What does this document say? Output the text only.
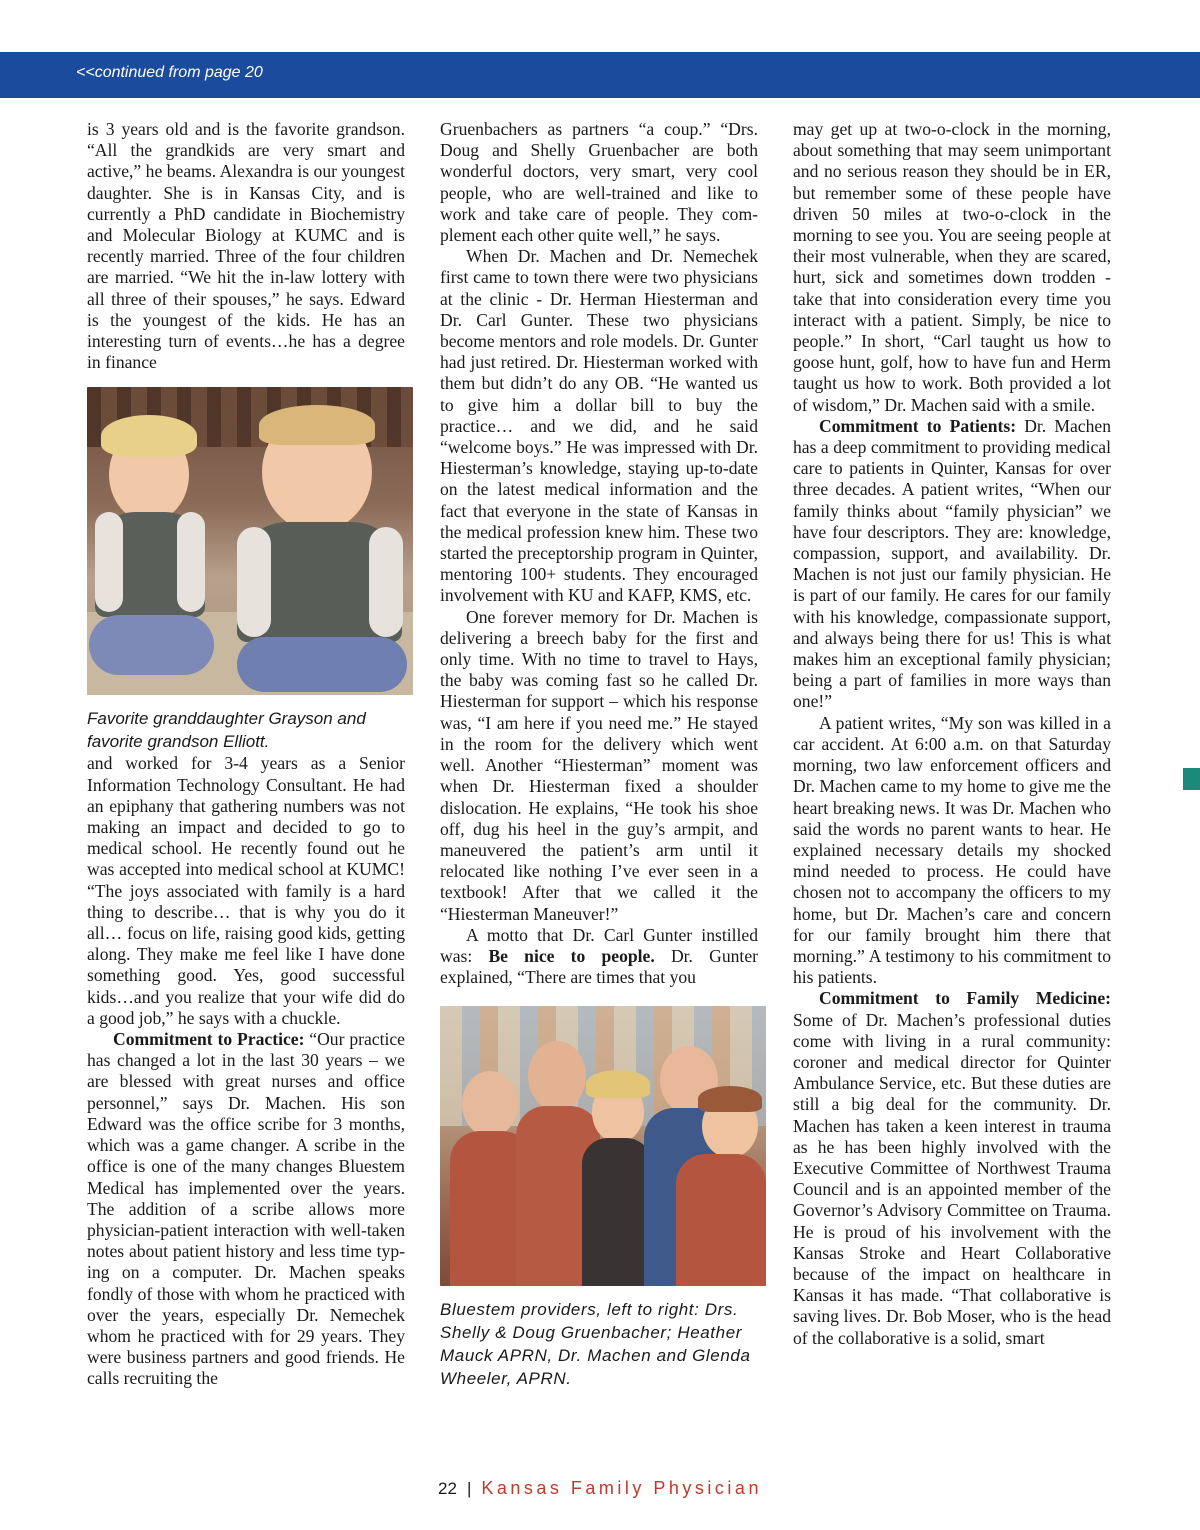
<<continued from page 20

is 3 years old and is the favorite grandson. “All the grandkids are very smart and active,” he beams. Alexandra is our youngest daughter. She is in Kansas City, and is currently a PhD candidate in Biochemistry and Molecular Biology at KUMC and is recently married. Three of the four children are married. “We hit the in-law lottery with all three of their spouses,” he says. Edward is the youngest of the kids. He has an interesting turn of events…he has a degree in finance

Favorite granddaughter Grayson and favorite grandson Elliott.

and worked for 3-4 years as a Senior Information Technology Consultant. He had an epiphany that gathering numbers was not making an impact and decided to go to medical school. He recently found out he was accepted into medical school at KUMC! “The joys associated with family is a hard thing to describe… that is why you do it all… focus on life, raising good kids, getting along. They make me feel like I have done something good. Yes, good successful kids…and you realize that your wife did do a good job,” he says with a chuckle.

Commitment to Practice: “Our practice has changed a lot in the last 30 years – we are blessed with great nurses and office personnel,” says Dr. Machen. His son Edward was the office scribe for 3 months, which was a game changer. A scribe in the office is one of the many changes Bluestem Medical has implemented over the years. The addition of a scribe allows more physician-patient interaction with well-taken notes about patient history and less time typing on a computer. Dr. Machen speaks fondly of those with whom he practiced with over the years, especially Dr. Nemechek whom he practiced with for 29 years. They were business partners and good friends. He calls recruiting the

Gruenbachers as partners “a coup.” “Drs. Doug and Shelly Gruenbacher are both wonderful doctors, very smart, very cool people, who are well-trained and like to work and take care of people. They complement each other quite well,” he says.

When Dr. Machen and Dr. Nemechek first came to town there were two physicians at the clinic - Dr. Herman Hiesterman and Dr. Carl Gunter. These two physicians become mentors and role models. Dr. Gunter had just retired. Dr. Hiesterman worked with them but didn’t do any OB. “He wanted us to give him a dollar bill to buy the practice… and we did, and he said “welcome boys.” He was impressed with Dr. Hiesterman’s knowledge, staying up-to-date on the latest medical information and the fact that everyone in the state of Kansas in the medical profession knew him. These two started the preceptorship program in Quinter, mentoring 100+ students. They encouraged involvement with KU and KAFP, KMS, etc.

One forever memory for Dr. Machen is delivering a breech baby for the first and only time. With no time to travel to Hays, the baby was coming fast so he called Dr. Hiesterman for support – which his response was, “I am here if you need me.” He stayed in the room for the delivery which went well. Another “Hiesterman” moment was when Dr. Hiesterman fixed a shoulder dislocation. He explains, “He took his shoe off, dug his heel in the guy’s armpit, and maneuvered the patient’s arm until it relocated like nothing I’ve ever seen in a textbook! After that we called it the “Hiesterman Maneuver!”

A motto that Dr. Carl Gunter instilled was: Be nice to people. Dr. Gunter explained, “There are times that you

Bluestem providers, left to right: Drs. Shelly & Doug Gruenbacher; Heather Mauck APRN, Dr. Machen and Glenda Wheeler, APRN.

may get up at two-o-clock in the morning, about something that may seem unimportant and no serious reason they should be in ER, but remember some of these people have driven 50 miles at two-o-clock in the morning to see you. You are seeing people at their most vulnerable, when they are scared, hurt, sick and sometimes down trodden - take that into consideration every time you interact with a patient. Simply, be nice to people.” In short, “Carl taught us how to goose hunt, golf, how to have fun and Herm taught us how to work. Both provided a lot of wisdom,” Dr. Machen said with a smile.

Commitment to Patients: Dr. Machen has a deep commitment to providing medical care to patients in Quinter, Kansas for over three decades. A patient writes, “When our family thinks about “family physician” we have four descriptors. They are: knowledge, compassion, support, and availability. Dr. Machen is not just our family physician. He is part of our family. He cares for our family with his knowledge, compassionate support, and always being there for us! This is what makes him an exceptional family physician; being a part of families in more ways than one!”

A patient writes, “My son was killed in a car accident. At 6:00 a.m. on that Saturday morning, two law enforcement officers and Dr. Machen came to my home to give me the heart breaking news. It was Dr. Machen who said the words no parent wants to hear. He explained necessary details my shocked mind needed to process. He could have chosen not to accompany the officers to my home, but Dr. Machen’s care and concern for our family brought him there that morning.” A testimony to his commitment to his patients.

Commitment to Family Medicine: Some of Dr. Machen’s professional duties come with living in a rural community: coroner and medical director for Quinter Ambulance Service, etc. But these duties are still a big deal for the community. Dr. Machen has taken a keen interest in trauma as he has been highly involved with the Executive Committee of Northwest Trauma Council and is an appointed member of the Governor’s Advisory Committee on Trauma. He is proud of his involvement with the Kansas Stroke and Heart Collaborative because of the impact on healthcare in Kansas it has made. “That collaborative is saving lives. Dr. Bob Moser, who is the head of the collaborative is a solid, smart

22 | Kansas Family Physician
